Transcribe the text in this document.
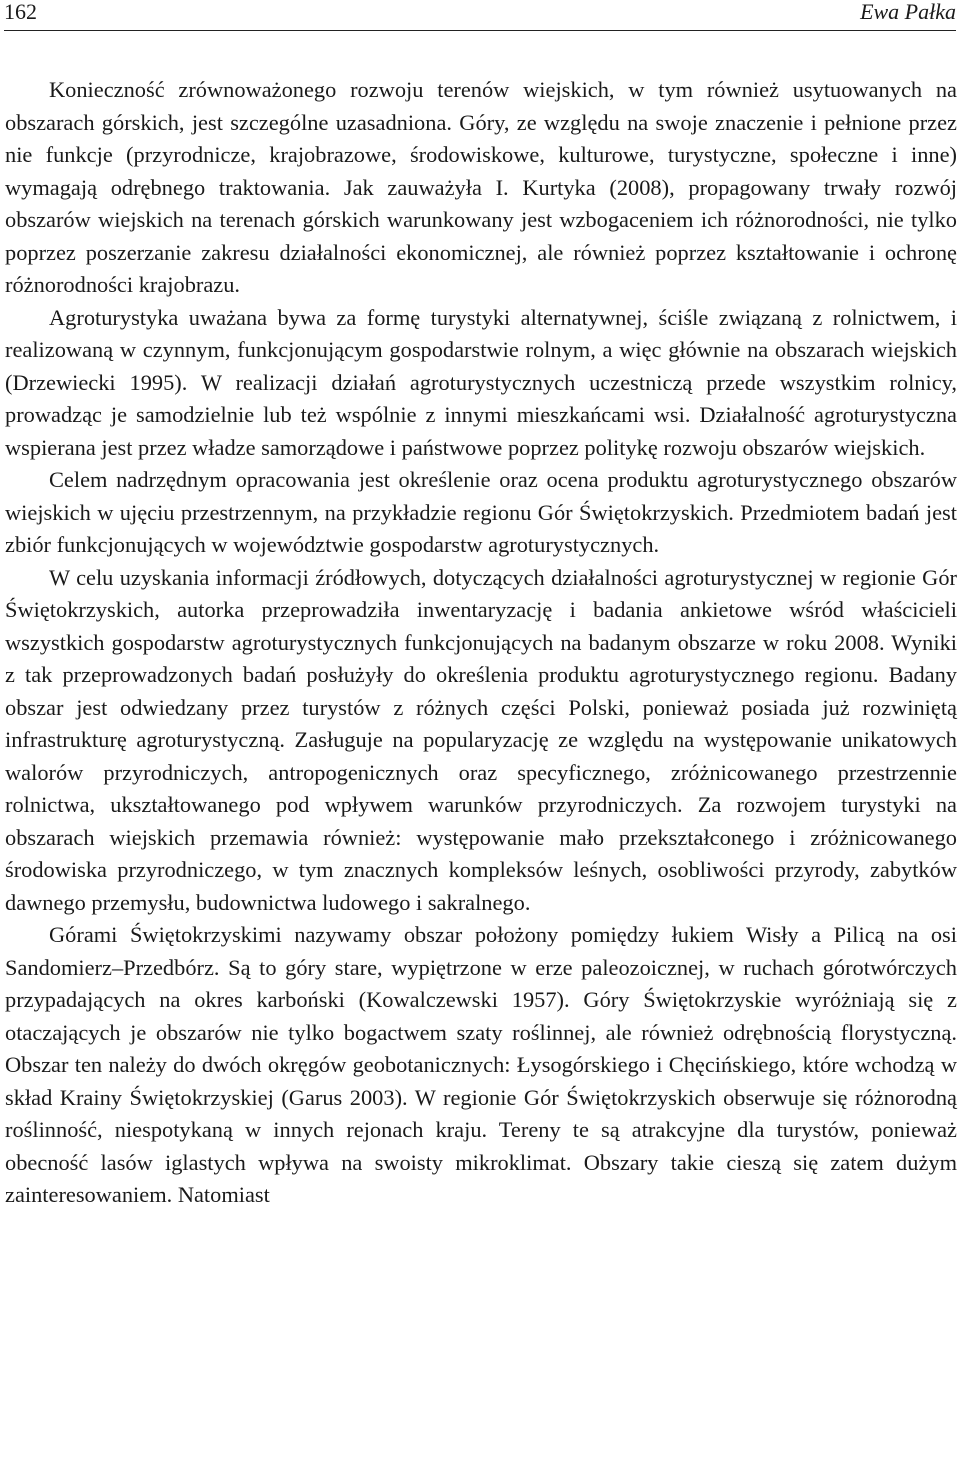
162	Ewa Pałka

Konieczność zrównoważonego rozwoju terenów wiejskich, w tym również usytuowanych na obszarach górskich, jest szczególne uzasadniona. Góry, ze względu na swoje znaczenie i pełnione przez nie funkcje (przyrodnicze, krajobrazowe, środowiskowe, kulturowe, turystyczne, społeczne i inne) wymagają odrębnego traktowania. Jak zauważyła I. Kurtyka (2008), propagowany trwały rozwój obszarów wiejskich na terenach górskich warunkowany jest wzbogaceniem ich różnorodności, nie tylko poprzez poszerzanie zakresu działalności ekonomicznej, ale również poprzez kształtowanie i ochronę różnorodności krajobrazu.

Agroturystyka uważana bywa za formę turystyki alternatywnej, ściśle związaną z rolnictwem, i realizowaną w czynnym, funkcjonującym gospodarstwie rolnym, a więc głównie na obszarach wiejskich (Drzewiecki 1995). W realizacji działań agroturystycznych uczestniczą przede wszystkim rolnicy, prowadząc je samodzielnie lub też wspólnie z innymi mieszkańcami wsi. Działalność agroturystyczna wspierana jest przez władze samorządowe i państwowe poprzez politykę rozwoju obszarów wiejskich.

Celem nadrzędnym opracowania jest określenie oraz ocena produktu agroturystycznego obszarów wiejskich w ujęciu przestrzennym, na przykładzie regionu Gór Świętokrzyskich. Przedmiotem badań jest zbiór funkcjonujących w województwie gospodarstw agroturystycznych.

W celu uzyskania informacji źródłowych, dotyczących działalności agroturystycznej w regionie Gór Świętokrzyskich, autorka przeprowadziła inwentaryzację i badania ankietowe wśród właścicieli wszystkich gospodarstw agroturystycznych funkcjonujących na badanym obszarze w roku 2008. Wyniki z tak przeprowadzonych badań posłużyły do określenia produktu agroturystycznego regionu. Badany obszar jest odwiedzany przez turystów z różnych części Polski, ponieważ posiada już rozwiniętą infrastrukturę agroturystyczną. Zasługuje na popularyzację ze względu na występowanie unikatowych walorów przyrodniczych, antropogenicznych oraz specyficznego, zróżnicowanego przestrzennie rolnictwa, ukształtowanego pod wpływem warunków przyrodniczych. Za rozwojem turystyki na obszarach wiejskich przemawia również: występowanie mało przekształconego i zróżnicowanego środowiska przyrodniczego, w tym znacznych kompleksów leśnych, osobliwości przyrody, zabytków dawnego przemysłu, budownictwa ludowego i sakralnego.

Górami Świętokrzyskimi nazywamy obszar położony pomiędzy łukiem Wisły a Pilicą na osi Sandomierz–Przedbórz. Są to góry stare, wypiętrzone w erze paleozoicznej, w ruchach górotwórczych przypadających na okres karboński (Kowalczewski 1957). Góry Świętokrzyskie wyróżniają się z otaczających je obszarów nie tylko bogactwem szaty roślinnej, ale również odrębnością florystyczną. Obszar ten należy do dwóch okręgów geobotanicznych: Łysogórskiego i Chęcińskiego, które wchodzą w skład Krainy Świętokrzyskiej (Garus 2003). W regionie Gór Świętokrzyskich obserwuje się różnorodną roślinność, niespotykaną w innych rejonach kraju. Tereny te są atrakcyjne dla turystów, ponieważ obecność lasów iglastych wpływa na swoisty mikroklimat. Obszary takie cieszą się zatem dużym zainteresowaniem. Natomiast
